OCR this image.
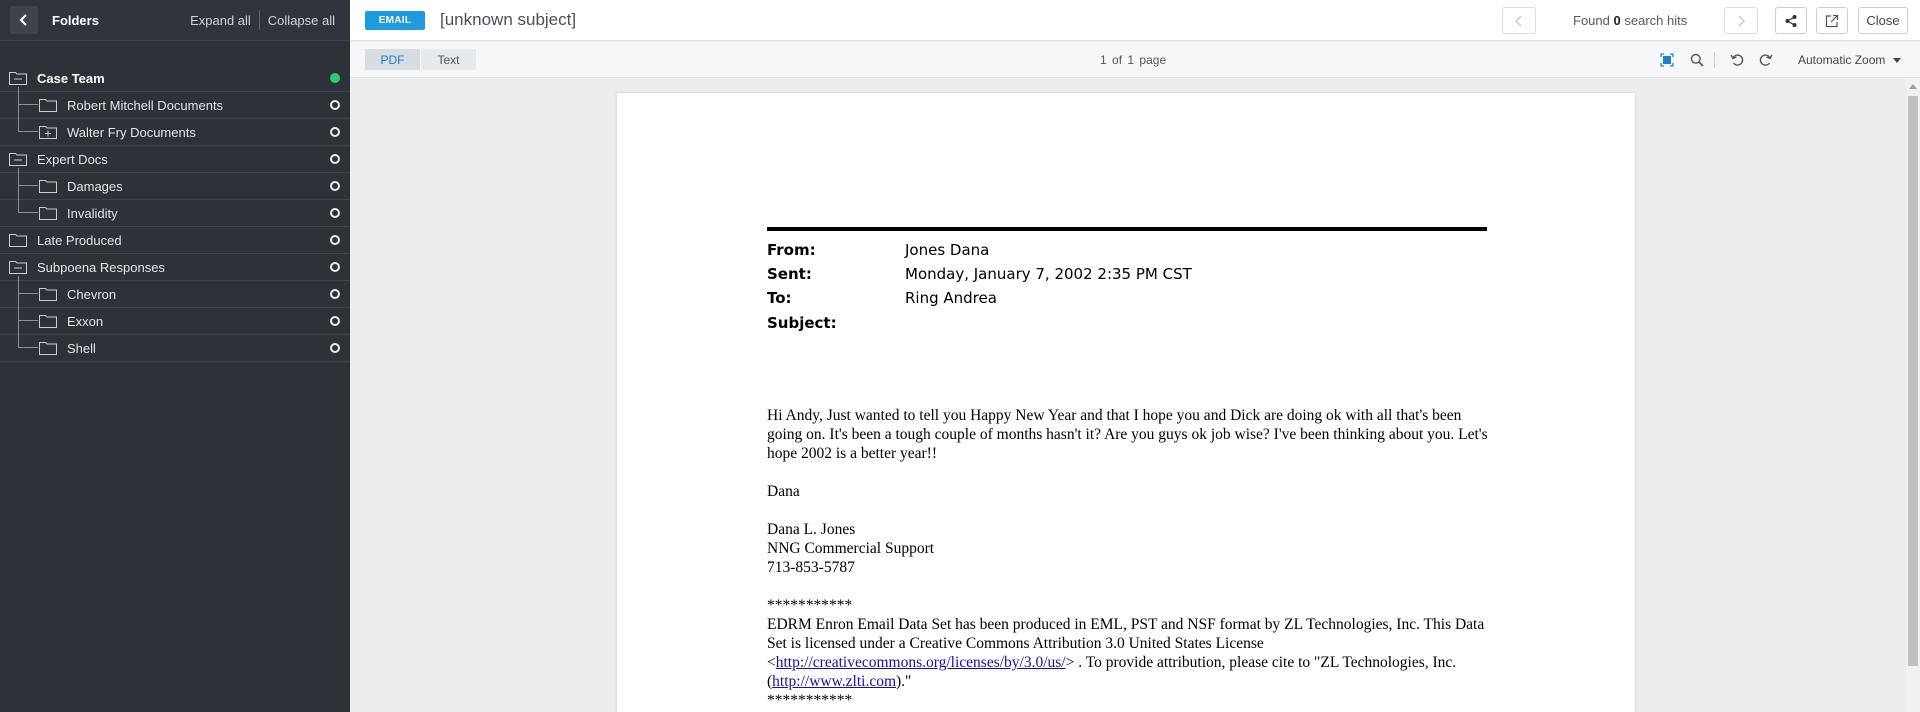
Folders	Expand all Collapse all
Case Team
Robert Mitchell Documents
Walter Fry Documents
Expert Docs
Damages
Invalidity
Late Produced
Subpoena Responses
Chevron
Exxon
Shell
EMAIL	[unknown subject]	Found 0 search hits	Close
PDF	Text	1 of 1 page	Automatic Zoom
From:	Jones Dana
Sent:	Monday, January 7, 2002 2:35 PM CST
To:	Ring Andrea
Subject:

Hi Andy, Just wanted to tell you Happy New Year and that I hope you and Dick are doing ok with all that's been going on. It's been a tough couple of months hasn't it? Are you guys ok job wise? I've been thinking about you. Let's hope 2002 is a better year!!

Dana

Dana L. Jones

NNG Commercial Support

713-853-5787

***********

EDRM Enron Email Data Set has been produced in EML, PST and NSF format by ZL Technologies, Inc. This Data Set is licensed under a Creative Commons Attribution 3.0 United States License <http://creativecommons.org/licenses/by/3.0/us/> . To provide attribution, please cite to "ZL Technologies, Inc. (http://www.zlti.com)."

***********
